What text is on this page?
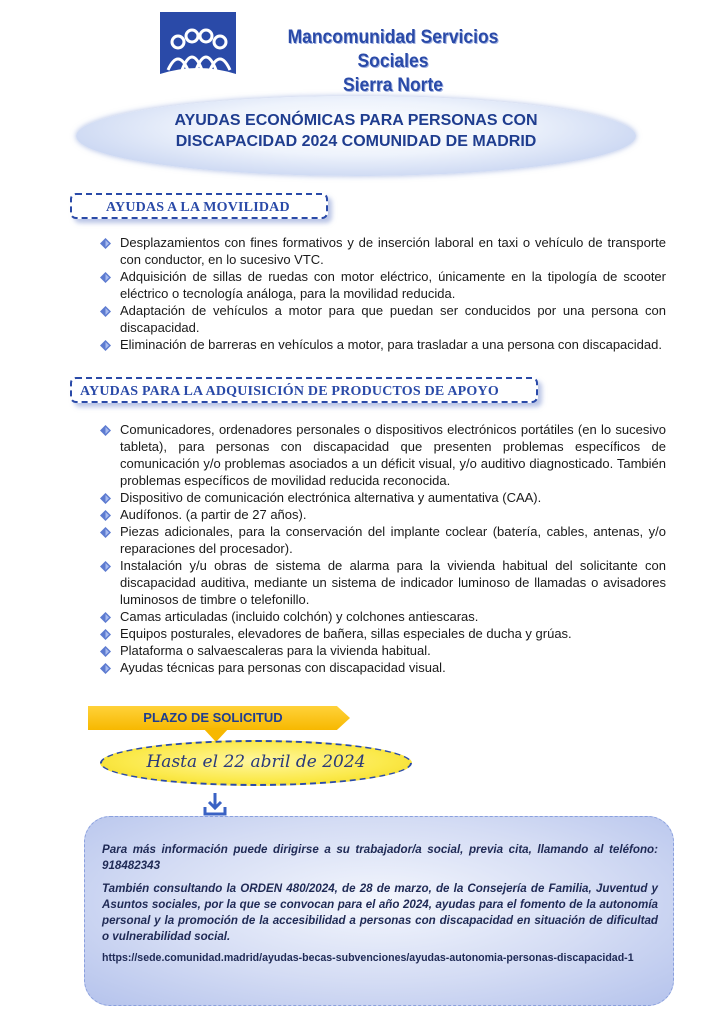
Mancomunidad Servicios Sociales
Sierra Norte
AYUDAS ECONÓMICAS PARA PERSONAS CON
DISCAPACIDAD 2024 COMUNIDAD DE MADRID
AYUDAS A LA MOVILIDAD
Desplazamientos con fines formativos y de inserción laboral en taxi o vehículo de transporte con conductor, en lo sucesivo VTC.
Adquisición de sillas de ruedas con motor eléctrico, únicamente en la tipología de scooter eléctrico o tecnología análoga, para la movilidad reducida.
Adaptación de vehículos a motor para que puedan ser conducidos por una persona con discapacidad.
Eliminación de barreras en vehículos a motor, para trasladar a una persona con discapacidad.
AYUDAS PARA LA ADQUISICIÓN DE PRODUCTOS DE APOYO
Comunicadores, ordenadores personales o dispositivos electrónicos portátiles (en lo sucesivo tableta), para personas con discapacidad que presenten problemas específicos de comunicación y/o problemas asociados a un déficit visual, y/o auditivo diagnosticado. También problemas específicos de movilidad reducida reconocida.
Dispositivo de comunicación electrónica alternativa y aumentativa (CAA).
Audífonos. (a partir de 27 años).
Piezas adicionales, para la conservación del implante coclear (batería, cables, antenas, y/o reparaciones del procesador).
Instalación y/u obras de sistema de alarma para la vivienda habitual del solicitante con discapacidad auditiva, mediante un sistema de indicador luminoso de llamadas o avisadores luminosos de timbre o telefonillo.
Camas articuladas (incluido colchón) y colchones antiescaras.
Equipos posturales, elevadores de bañera, sillas especiales de ducha y grúas.
Plataforma o salvaescaleras para la vivienda habitual.
Ayudas técnicas para personas con discapacidad visual.
PLAZO DE SOLICITUD
Hasta el 22 abril de 2024

Para más información puede dirigirse a su trabajador/a social, previa cita, llamando al teléfono: 918482343

También consultando la ORDEN 480/2024, de 28 de marzo, de la Consejería de Familia, Juventud y Asuntos sociales, por la que se convocan para el año 2024, ayudas para el fomento de la autonomía personal y la promoción de la accesibilidad a personas con discapacidad en situación de dificultad o vulnerabilidad social.

https://sede.comunidad.madrid/ayudas-becas-subvenciones/ayudas-autonomia-personas-discapacidad-1
